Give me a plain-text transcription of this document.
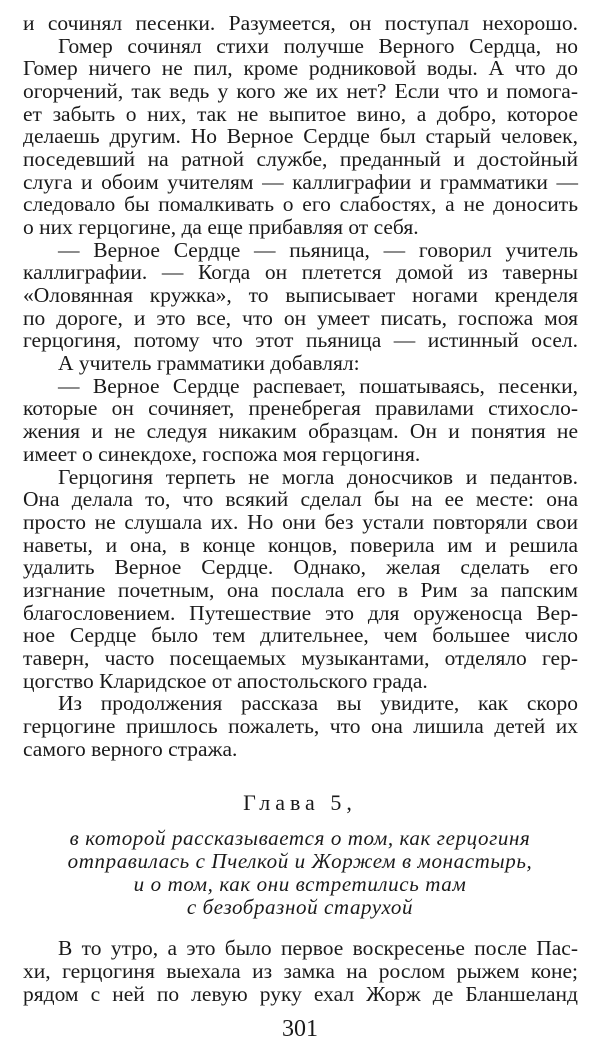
и сочинял песенки. Разумеется, он поступал нехорошо.
Гомер сочинял стихи получше Верного Сердца, но
Гомер ничего не пил, кроме родниковой воды. А что до
огорчений, так ведь у кого же их нет? Если что и помога-
ет забыть о них, так не выпитое вино, а добро, которое
делаешь другим. Но Верное Сердце был старый человек,
поседевший на ратной службе, преданный и достойный
слуга и обоим учителям — каллиграфии и грамматики —
следовало бы помалкивать о его слабостях, а не доносить
о них герцогине, да еще прибавляя от себя.
— Верное Сердце — пьяница, — говорил учитель
каллиграфии. — Когда он плетется домой из таверны
«Оловянная кружка», то выписывает ногами кренделя
по дороге, и это все, что он умеет писать, госпожа моя
герцогиня, потому что этот пьяница — истинный осел.
А учитель грамматики добавлял:
— Верное Сердце распевает, пошатываясь, песенки,
которые он сочиняет, пренебрегая правилами стихосло-
жения и не следуя никаким образцам. Он и понятия не
имеет о синекдохе, госпожа моя герцогиня.
Герцогиня терпеть не могла доносчиков и педантов.
Она делала то, что всякий сделал бы на ее месте: она
просто не слушала их. Но они без устали повторяли свои
наветы, и она, в конце концов, поверила им и решила
удалить Верное Сердце. Однако, желая сделать его
изгнание почетным, она послала его в Рим за папским
благословением. Путешествие это для оруженосца Вер-
ное Сердце было тем длительнее, чем большее число
таверн, часто посещаемых музыкантами, отделяло гер-
цогство Кларидское от апостольского града.
Из продолжения рассказа вы увидите, как скоро
герцогине пришлось пожалеть, что она лишила детей их
самого верного стража.
Глава 5,
в которой рассказывается о том, как герцогиня
отправилась с Пчелкой и Жоржем в монастырь,
и о том, как они встретились там
с безобразной старухой
В то утро, а это было первое воскресенье после Пас-
хи, герцогиня выехала из замка на рослом рыжем коне;
рядом с ней по левую руку ехал Жорж де Бланшеланд
301
